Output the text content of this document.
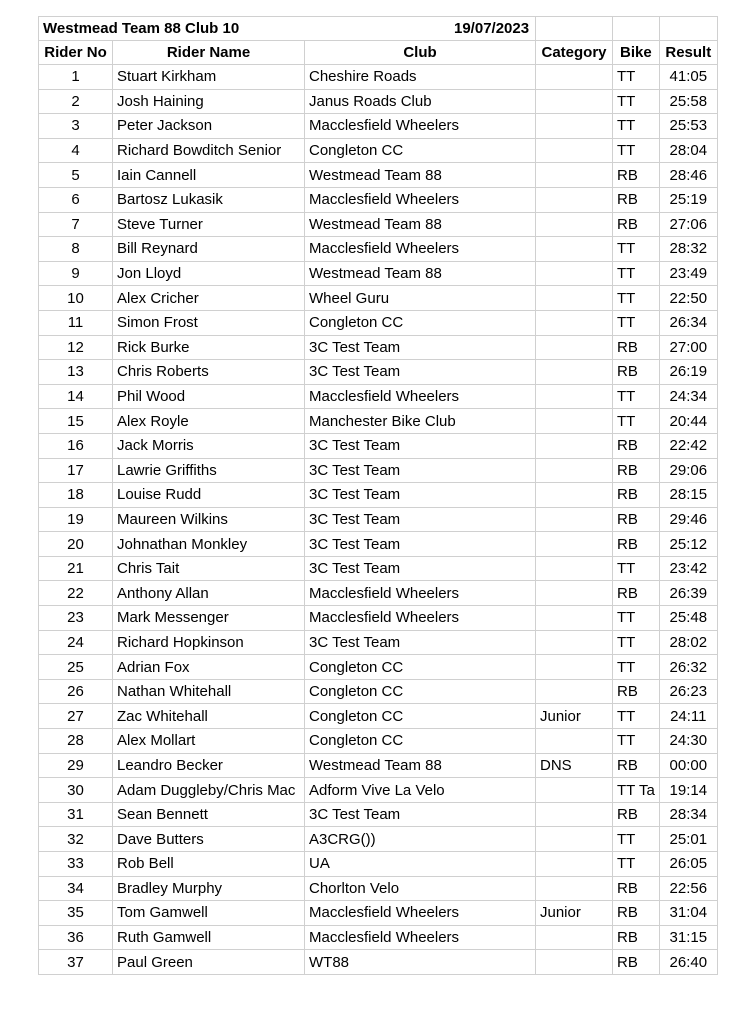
Westmead Team 88 Club 10 19/07/2023					

Rider No	Rider Name	Club	Category	Bike	Result
1	Stuart Kirkham	Cheshire Roads		TT	41:05
2	Josh Haining	Janus Roads Club		TT	25:58
3	Peter Jackson	Macclesfield Wheelers		TT	25:53
4	Richard Bowditch Senior	Congleton CC		TT	28:04
5	Iain Cannell	Westmead Team 88		RB	28:46
6	Bartosz Lukasik	Macclesfield Wheelers		RB	25:19
7	Steve Turner	Westmead Team 88		RB	27:06
8	Bill Reynard	Macclesfield Wheelers		TT	28:32
9	Jon Lloyd	Westmead Team 88		TT	23:49
10	Alex Cricher	Wheel Guru		TT	22:50
11	Simon Frost	Congleton CC		TT	26:34
12	Rick Burke	3C Test Team		RB	27:00
13	Chris Roberts	3C Test Team		RB	26:19
14	Phil Wood	Macclesfield Wheelers		TT	24:34
15	Alex Royle	Manchester Bike Club		TT	20:44
16	Jack Morris	3C Test Team		RB	22:42
17	Lawrie Griffiths	3C Test Team		RB	29:06
18	Louise Rudd	3C Test Team		RB	28:15
19	Maureen Wilkins	3C Test Team		RB	29:46
20	Johnathan Monkley	3C Test Team		RB	25:12
21	Chris Tait	3C Test Team		TT	23:42
22	Anthony Allan	Macclesfield Wheelers		RB	26:39
23	Mark Messenger	Macclesfield Wheelers		TT	25:48
24	Richard Hopkinson	3C Test Team		TT	28:02
25	Adrian Fox	Congleton CC		TT	26:32
26	Nathan Whitehall	Congleton CC		RB	26:23
27	Zac Whitehall	Congleton CC	Junior	TT	24:11
28	Alex Mollart	Congleton CC		TT	24:30
29	Leandro Becker	Westmead Team 88	DNS	RB	00:00
30	Adam Duggleby/Chris Mac	Adform Vive La Velo		TT Ta	19:14
31	Sean Bennett	3C Test Team		RB	28:34
32	Dave Butters	A3CRG())		TT	25:01
33	Rob Bell	UA		TT	26:05
34	Bradley Murphy	Chorlton Velo		RB	22:56
35	Tom Gamwell	Macclesfield Wheelers	Junior	RB	31:04
36	Ruth Gamwell	Macclesfield Wheelers		RB	31:15
37	Paul Green	WT88		RB	26:40
